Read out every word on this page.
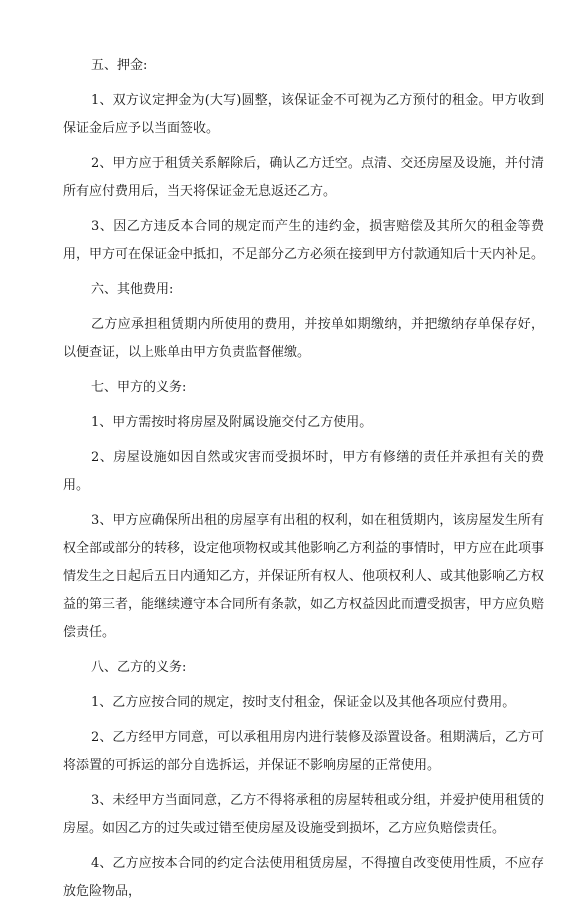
五、押金:
1、双方议定押金为(大写)圆整，该保证金不可视为乙方预付的租金。甲方收到保证金后应予以当面签收。
2、甲方应于租赁关系解除后，确认乙方迁空。点清、交还房屋及设施，并付清所有应付费用后，当天将保证金无息返还乙方。
3、因乙方违反本合同的规定而产生的违约金，损害赔偿及其所欠的租金等费用，甲方可在保证金中抵扣，不足部分乙方必须在接到甲方付款通知后十天内补足。
六、其他费用:
乙方应承担租赁期内所使用的费用，并按单如期缴纳，并把缴纳存单保存好，以便查证，以上账单由甲方负责监督催缴。
七、甲方的义务:
1、甲方需按时将房屋及附属设施交付乙方使用。
2、房屋设施如因自然或灾害而受损坏时，甲方有修缮的责任并承担有关的费用。
3、甲方应确保所出租的房屋享有出租的权利，如在租赁期内，该房屋发生所有权全部或部分的转移，设定他项物权或其他影响乙方利益的事情时，甲方应在此项事情发生之日起后五日内通知乙方，并保证所有权人、他项权利人、或其他影响乙方权益的第三者，能继续遵守本合同所有条款，如乙方权益因此而遭受损害，甲方应负赔偿责任。
八、乙方的义务:
1、乙方应按合同的规定，按时支付租金，保证金以及其他各项应付费用。
2、乙方经甲方同意，可以承租用房内进行装修及添置设备。租期满后，乙方可将添置的可拆运的部分自选拆运，并保证不影响房屋的正常使用。
3、未经甲方当面同意，乙方不得将承租的房屋转租或分组，并爱护使用租赁的房屋。如因乙方的过失或过错至使房屋及设施受到损坏，乙方应负赔偿责任。
4、乙方应按本合同的约定合法使用租赁房屋，不得擅自改变使用性质，不应存放危险物品，
